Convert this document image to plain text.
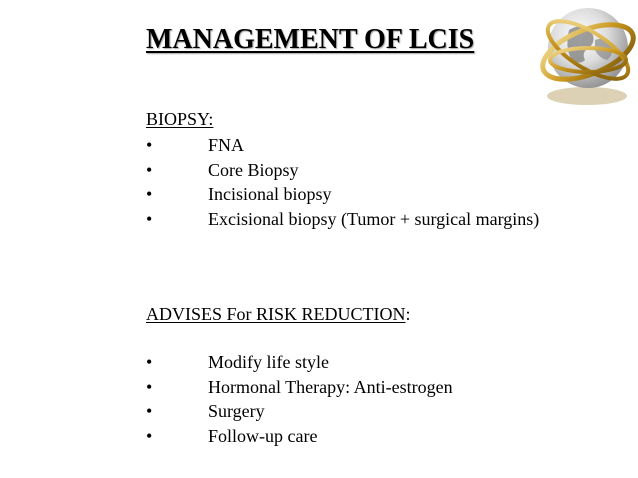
MANAGEMENT OF LCIS
BIOPSY:
•	FNA
•	Core Biopsy
•	Incisional biopsy
•	Excisional biopsy (Tumor + surgical margins)
ADVISES For RISK REDUCTION:
•	Modify life style
•	Hormonal Therapy: Anti-estrogen
•	Surgery
•	Follow-up care
